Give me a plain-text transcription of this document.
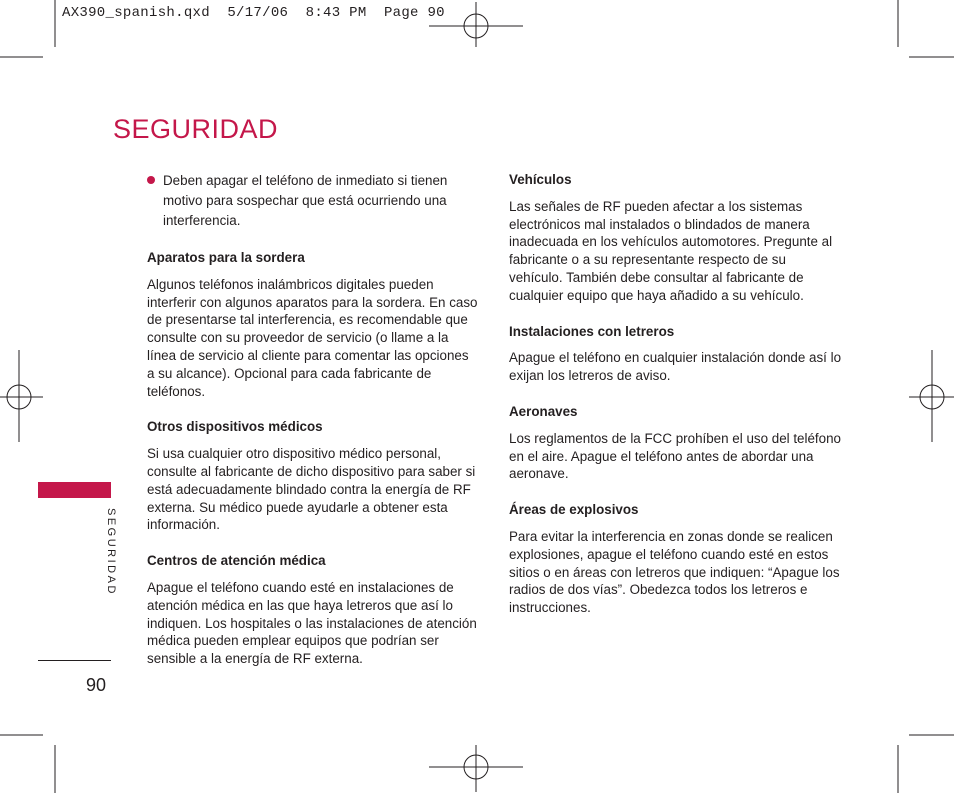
AX390_spanish.qxd  5/17/06  8:43 PM  Page 90
SEGURIDAD
SEGURIDAD
90

Deben apagar el teléfono de inmediato si tienen motivo para sospechar que está ocurriendo una interferencia.

Aparatos para la sordera

Algunos teléfonos inalámbricos digitales pueden interferir con algunos aparatos para la sordera. En caso de presentarse tal interferencia, es recomendable que consulte con su proveedor de servicio (o llame a la línea de servicio al cliente para comentar las opciones a su alcance). Opcional para cada fabricante de teléfonos.

Otros dispositivos médicos

Si usa cualquier otro dispositivo médico personal, consulte al fabricante de dicho dispositivo para saber si está adecuadamente blindado contra la energía de RF externa. Su médico puede ayudarle a obtener esta información.

Centros de atención médica

Apague el teléfono cuando esté en instalaciones de atención médica en las que haya letreros que así lo indiquen. Los hospitales o las instalaciones de atención médica pueden emplear equipos que podrían ser sensible a la energía de RF externa.

Vehículos

Las señales de RF pueden afectar a los sistemas electrónicos mal instalados o blindados de manera inadecuada en los vehículos automotores. Pregunte al fabricante o a su representante respecto de su vehículo. También debe consultar al fabricante de cualquier equipo que haya añadido a su vehículo.

Instalaciones con letreros

Apague el teléfono en cualquier instalación donde así lo exijan los letreros de aviso.

Aeronaves

Los reglamentos de la FCC prohíben el uso del teléfono en el aire. Apague el teléfono antes de abordar una aeronave.

Áreas de explosivos

Para evitar la interferencia en zonas donde se realicen explosiones, apague el teléfono cuando esté en estos sitios o en áreas con letreros que indiquen: “Apague los radios de dos vías”. Obedezca todos los letreros e instrucciones.
